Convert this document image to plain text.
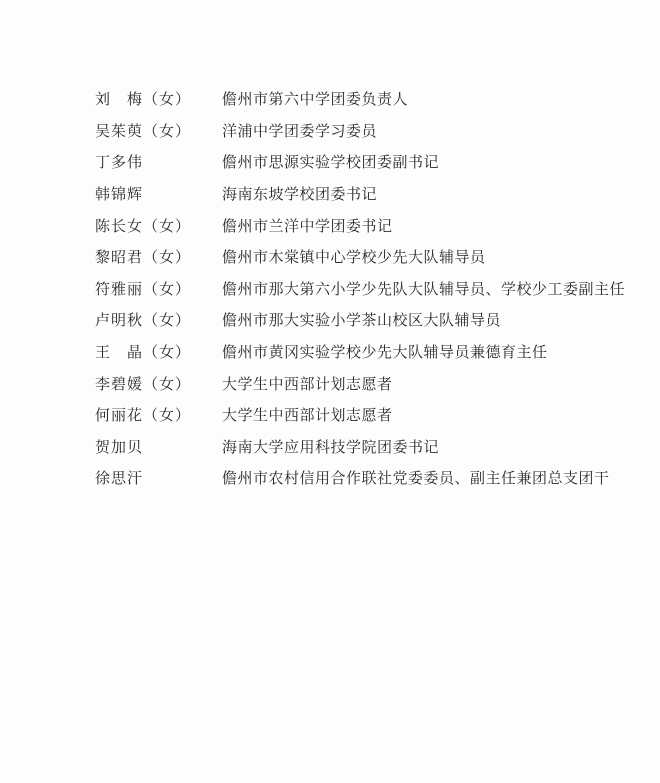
刘　梅（女）	儋州市第六中学团委负责人
吴茱萸（女）	洋浦中学团委学习委员
丁多伟	儋州市思源实验学校团委副书记
韩锦辉	海南东坡学校团委书记
陈长女（女）	儋州市兰洋中学团委书记
黎昭君（女）	儋州市木棠镇中心学校少先大队辅导员
符雅丽（女）	儋州市那大第六小学少先队大队辅导员、学校少工委副主任
卢明秋（女）	儋州市那大实验小学茶山校区大队辅导员
王　晶（女）	儋州市黄冈实验学校少先大队辅导员兼德育主任
李碧媛（女）	大学生中西部计划志愿者
何丽花（女）	大学生中西部计划志愿者
贺加贝	海南大学应用科技学院团委书记
徐思汗	儋州市农村信用合作联社党委委员、副主任兼团总支团干
